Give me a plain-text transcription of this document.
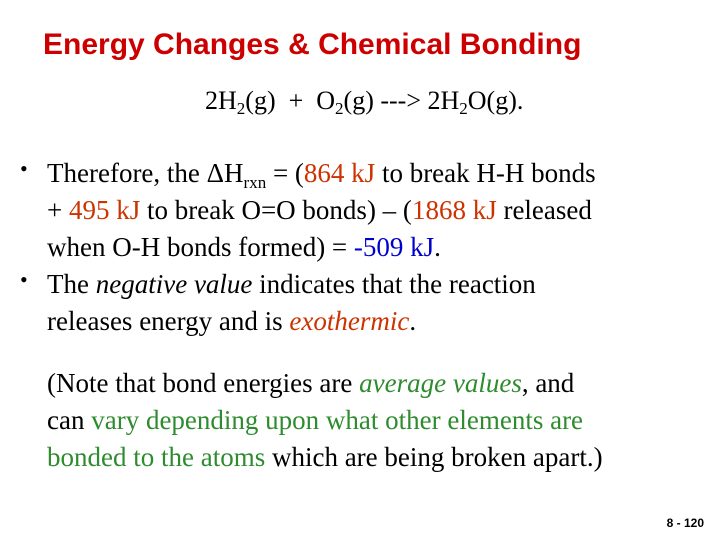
Energy Changes & Chemical Bonding
$2H_2(g) + O_2(g)$ ---> $2H_2O(g)$.
• Therefore, the $\Delta H_{rxn} = (864$ kJ to break H-H bonds
+ 495 kJ to break O=O bonds) – (1868 kJ released
when O-H bonds formed) = -509 kJ.
• The negative value indicates that the reaction
releases energy and is exothermic.
(Note that bond energies are average values, and
can vary depending upon what other elements are
bonded to the atoms which are being broken apart.)
8 - 120
